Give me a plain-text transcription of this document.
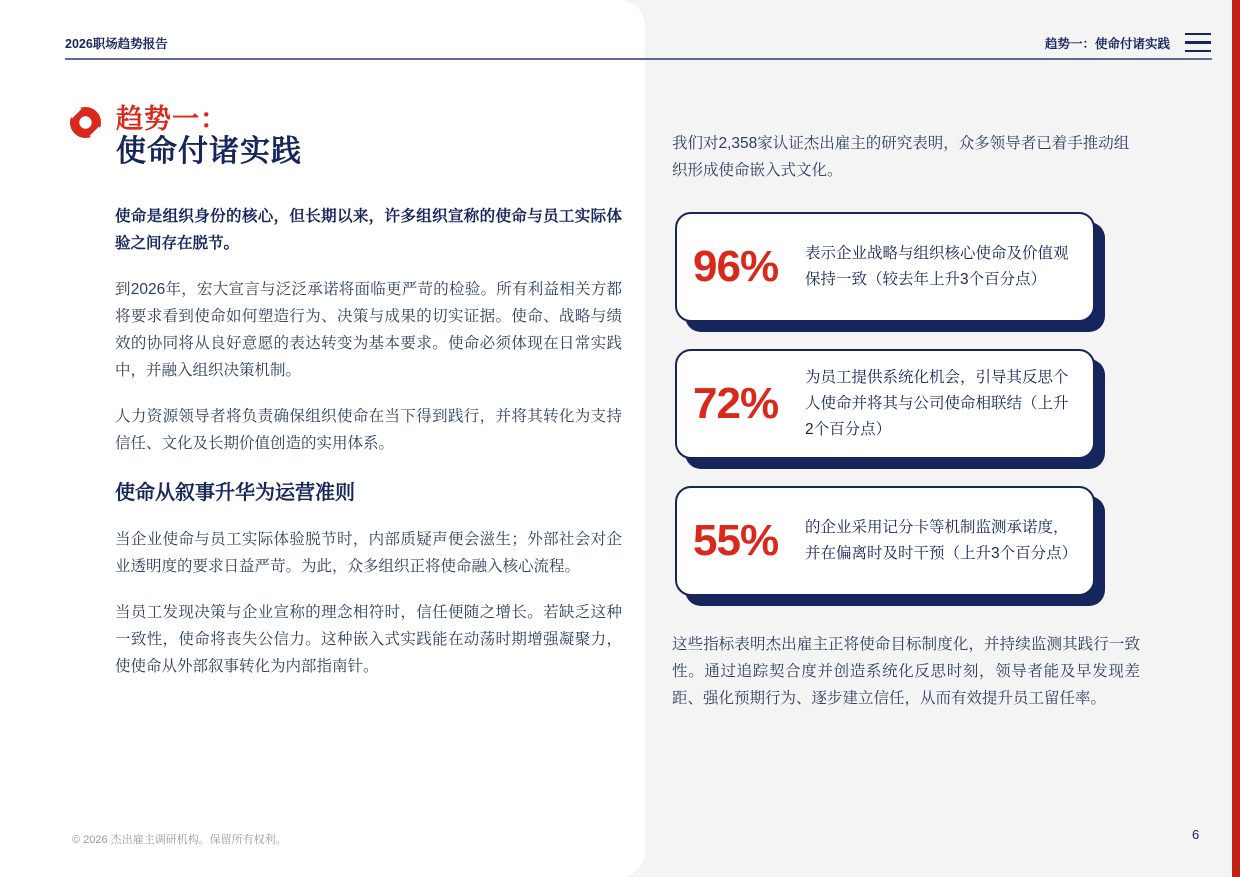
2026职场趋势报告	趋势一：使命付诸实践
趋势一：
使命付诸实践

使命是组织身份的核心，但长期以来，许多组织宣称的使命与员工实际体验之间存在脱节。

到2026年，宏大宣言与泛泛承诺将面临更严苛的检验。所有利益相关方都将要求看到使命如何塑造行为、决策与成果的切实证据。使命、战略与绩效的协同将从良好意愿的表达转变为基本要求。使命必须体现在日常实践中，并融入组织决策机制。

人力资源领导者将负责确保组织使命在当下得到践行，并将其转化为支持信任、文化及长期价值创造的实用体系。

使命从叙事升华为运营准则

当企业使命与员工实际体验脱节时，内部质疑声便会滋生；外部社会对企业透明度的要求日益严苛。为此，众多组织正将使命融入核心流程。

当员工发现决策与企业宣称的理念相符时，信任便随之增长。若缺乏这种一致性，使命将丧失公信力。这种嵌入式实践能在动荡时期增强凝聚力，使使命从外部叙事转化为内部指南针。

我们对2,358家认证杰出雇主的研究表明，众多领导者已着手推动组织形成使命嵌入式文化。

96%	表示企业战略与组织核心使命及价值观保持一致（较去年上升3个百分点）
72%
为员工提供系统化机会，引导其反思个人使命并将其与公司使命相联结（上升2个百分点）
55%	的企业采用记分卡等机制监测承诺度，并在偏离时及时干预（上升3个百分点）

这些指标表明杰出雇主正将使命目标制度化，并持续监测其践行一致性。通过追踪契合度并创造系统化反思时刻，领导者能及早发现差距、强化预期行为、逐步建立信任，从而有效提升员工留任率。

© 2026 杰出雇主调研机构。保留所有权利。	6
